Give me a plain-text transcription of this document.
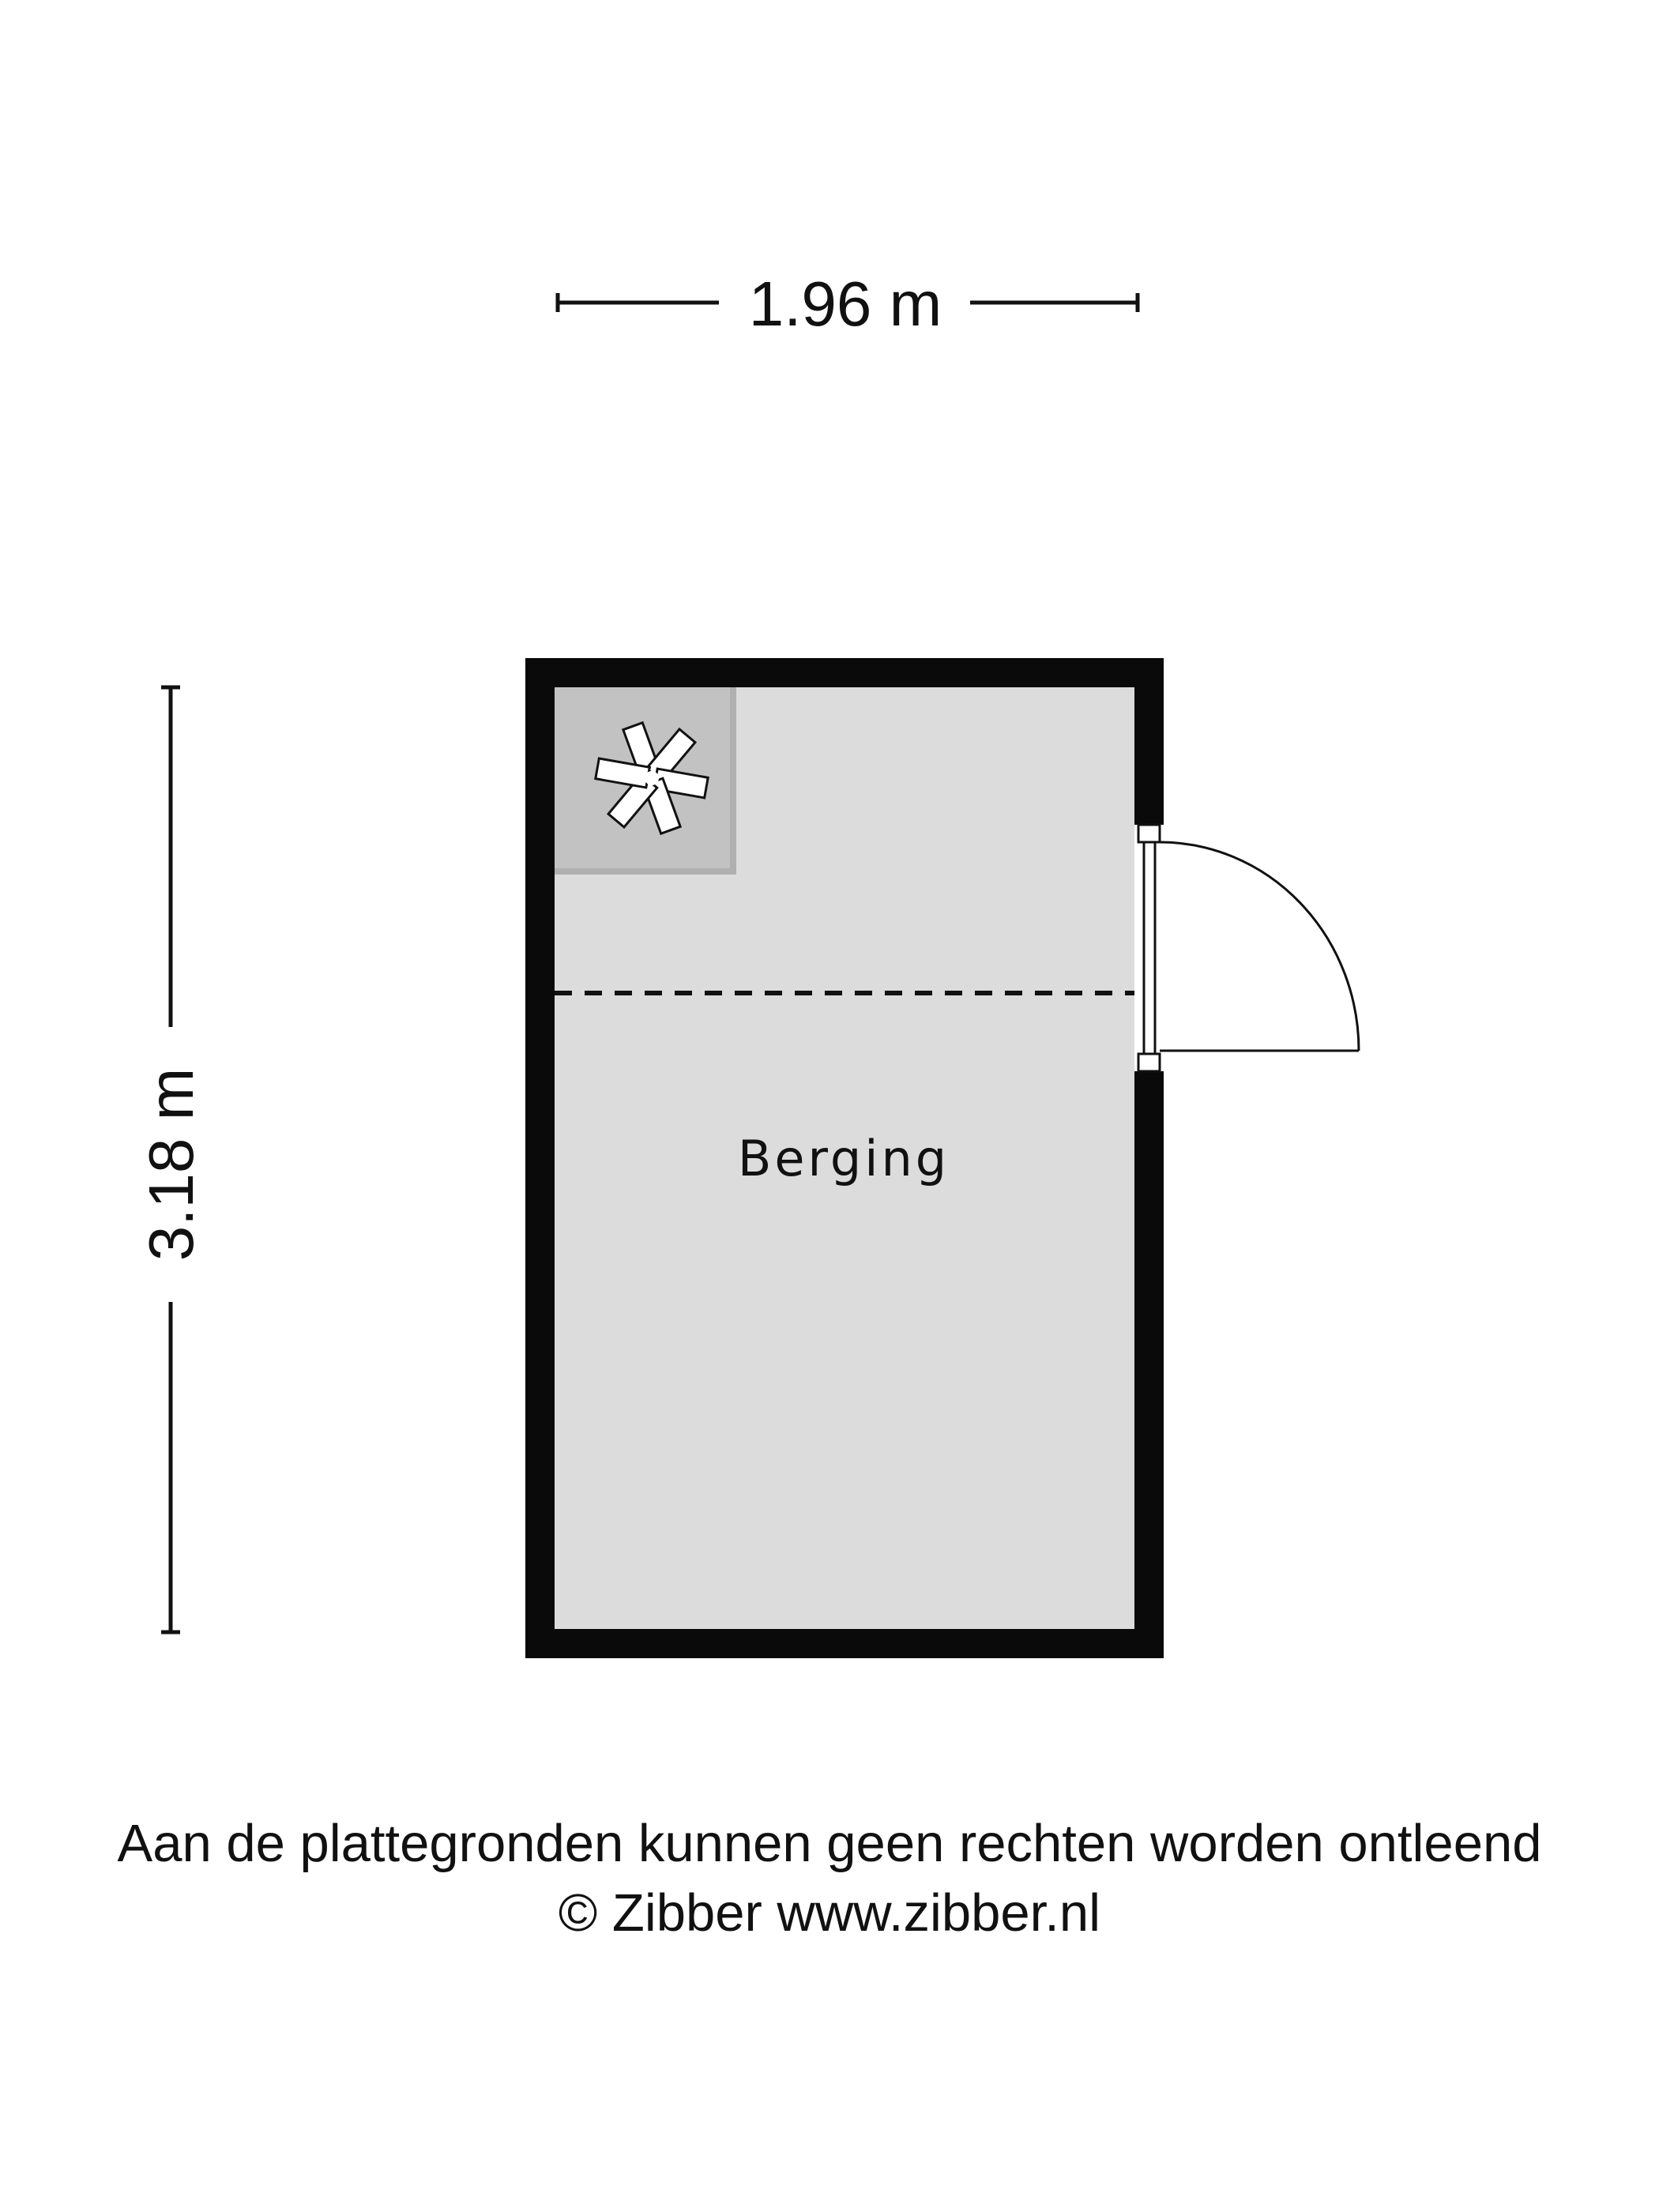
1.96 m
3.18 m	Berging
Aan de plattegronden kunnen geen rechten worden ontleend
© Zibber www.zibber.nl
